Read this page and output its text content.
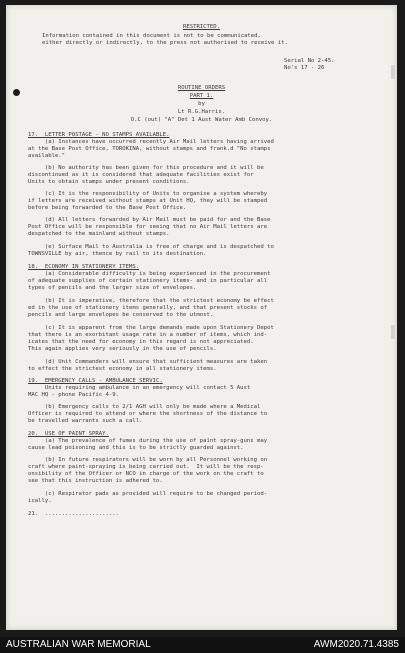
RESTRICTED.
Information contained in this document is not to be communicated,
either directly or indirectly, to the press not authorised to receive it.
Serial No 2-45.
No's 17 - 26
ROUTINE ORDERS
PART 1.
by
Lt R.G.Harris.
O.C (out) "A" Det 1 Aust Water Amb Convoy.
17.  LETTER POSTAGE - NO STAMPS AVAILABLE.
(a) Instances have occurred recently Air Mail letters having arrived
at the Base Post Office, TOROKINA, without stamps and frank.d "No stamps
available."
(b) No authority has been given for this procedure and it will be
discontinued as it is considered that adequate facilities exist for
Units to obtain stamps under present conditions.
(c) It is the responsibility of Units to organise a system whereby
if letters are received without stamps at Unit HQ, they will be stamped
before being forwarded to the Base Post Office.
(d) All letters forwarded by Air Mail must be paid for and the Base
Post Office will be responsible for seeing that no Air Mail letters are
despatched to the mainland without stamps.
(e) Surface Mail to Australia is free of charge and is despatched to
TOWNSVILLE by air, thence by rail to its destination.
18.  ECONOMY IN STATIONERY ITEMS.
(a) Considerable difficulty is being experienced in the procurement
of adequate supplies of certain stationery items- and in particular all
types of pencils and the larger size of envelopes.
(b) It is imperative, therefore that the strictest economy be effect
ed in the use of stationery items generally, and that present stocks of
pencils and large envelopes be conserved to the utmost.
(c) It is apparent from the large demands made upon Stationery Depot
that there is an exorbitant usage rate in a number of items, which ind-
icates that the need for economy in this regard is not appreciated.
This again applies very seriously in the use of pencils.
(d) Unit Commanders will ensure that sufficient measures are taken
to effect the strictest economy in all stationery items.
19.  EMERGENCY CALLS - AMBULANCE SERVIC.
Units requiring ambulance in an emergency will contact 5 Aust
MAC HQ - phone Pacific 4-9.
(b) Emergency calls to 2/1 AGH will only be made where a Medical
Officer is required to attend or where the shortness of the distance to
be travelled warrants such a call.
20.  USE OF PAINT SPRAY.
(a) The prevalence of fumes during the use of paint spray-guns may
cause lead poisoning and this is to be strictly guarded against.
(b) In future respirators will be worn by all Personnel working on
craft where paint-spraying is being carried out.  It will be the resp-
onsibility of the Officer or NCO in charge of the work on the craft to
see that this instruction is adhered to.
(c) Respirator pads as provided will require to be changed period-
ically.
21.  ......................
AUSTRALIAN WAR MEMORIAL	AWM2020.71.4385
